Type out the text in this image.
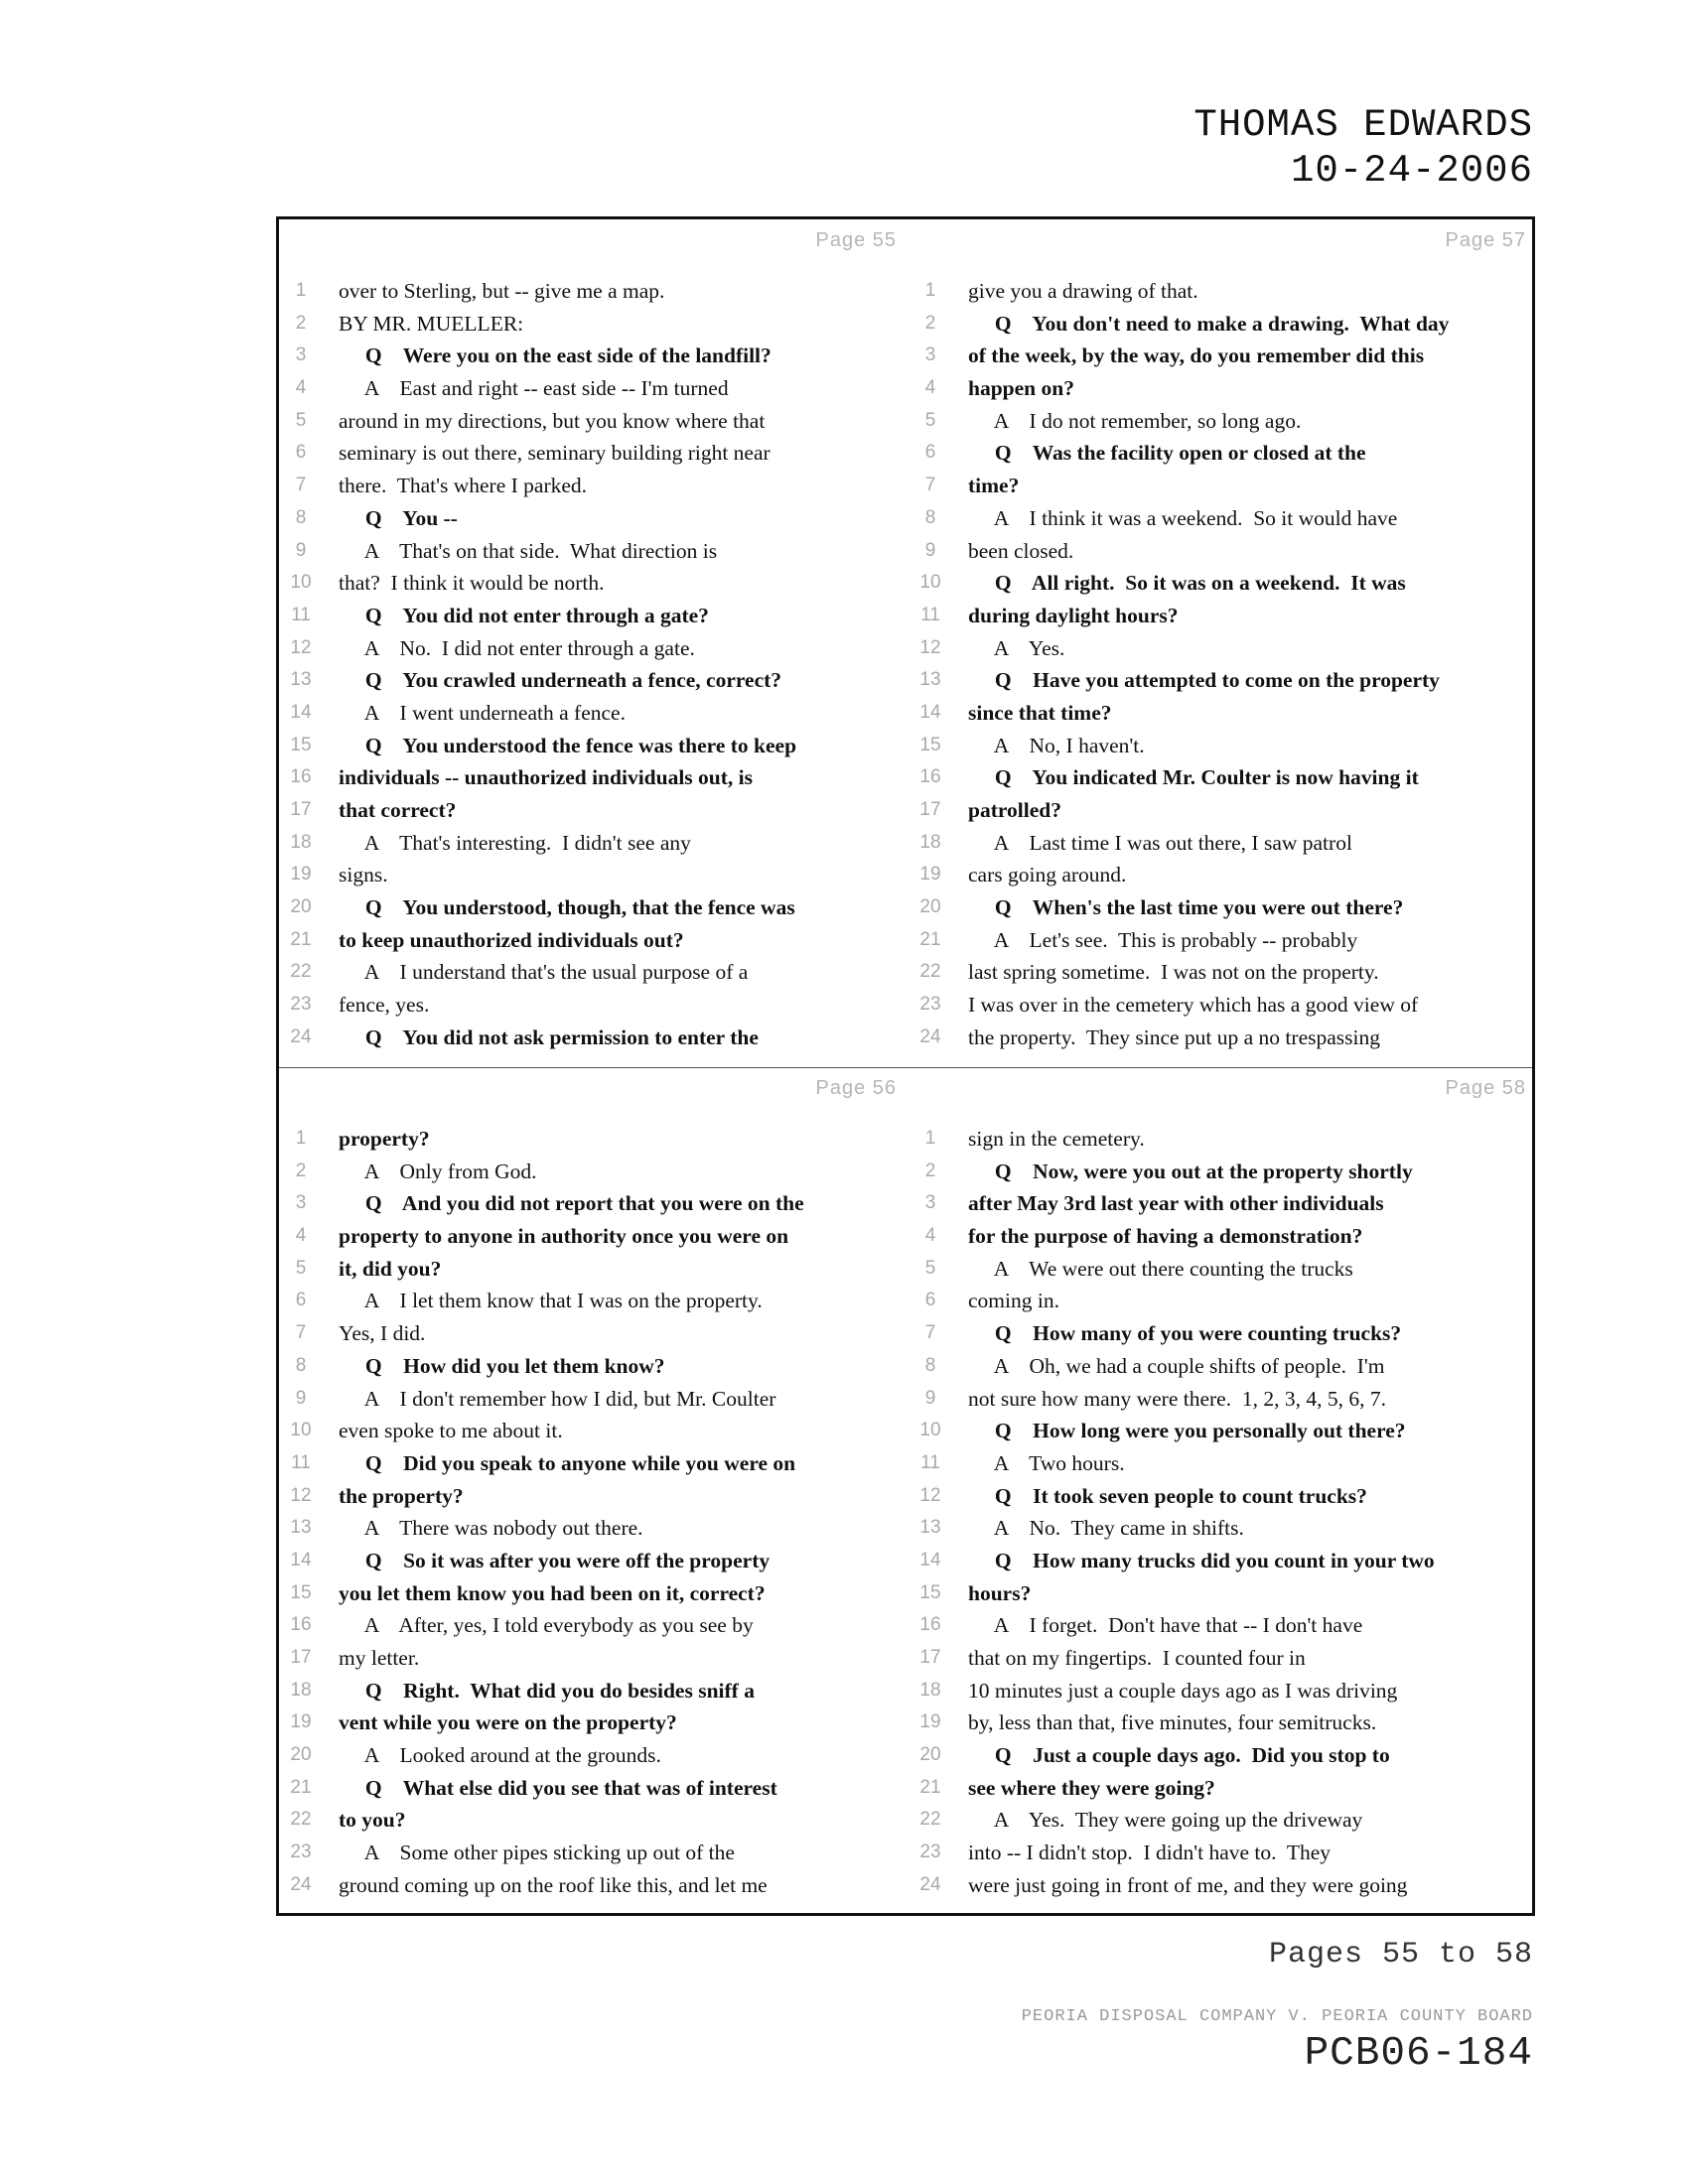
THOMAS EDWARDS
10-24-2006
Page 55
1	over to Sterling, but -- give me a map.
2	BY MR. MUELLER:
3	Q    Were you on the east side of the landfill?
4	A    East and right -- east side -- I'm turned
5	around in my directions, but you know where that
6	seminary is out there, seminary building right near
7	there.  That's where I parked.
8	Q    You --
9	A    That's on that side.  What direction is
10 that?  I think it would be north.
11 Q    You did not enter through a gate?
12 A    No.  I did not enter through a gate.
13 Q    You crawled underneath a fence, correct?
14 A    I went underneath a fence.
15 Q    You understood the fence was there to keep
16 individuals -- unauthorized individuals out, is
17 that correct?
18 A    That's interesting.  I didn't see any
19 signs.
20 Q    You understood, though, that the fence was
21 to keep unauthorized individuals out?
22 A    I understand that's the usual purpose of a
23 fence, yes.
24 Q    You did not ask permission to enter the
Page 57
1	give you a drawing of that.
2	Q    You don't need to make a drawing.  What day
3	of the week, by the way, do you remember did this
4	happen on?
5	A    I do not remember, so long ago.
6	Q    Was the facility open or closed at the
7	time?
8	A    I think it was a weekend.  So it would have
9	been closed.
10 Q    All right.  So it was on a weekend.  It was
11 during daylight hours?
12 A    Yes.
13 Q    Have you attempted to come on the property
14 since that time?
15 A    No, I haven't.
16 Q    You indicated Mr. Coulter is now having it
17 patrolled?
18 A    Last time I was out there, I saw patrol
19 cars going around.
20 Q    When's the last time you were out there?
21 A    Let's see.  This is probably -- probably
22 last spring sometime.  I was not on the property.
23 I was over in the cemetery which has a good view of
24 the property.  They since put up a no trespassing
Page 56
1	property?
2	A    Only from God.
3	Q    And you did not report that you were on the
4	property to anyone in authority once you were on
5	it, did you?
6	A    I let them know that I was on the property.
7	Yes, I did.
8	Q    How did you let them know?
9	A    I don't remember how I did, but Mr. Coulter
10 even spoke to me about it.
11 Q    Did you speak to anyone while you were on
12 the property?
13 A    There was nobody out there.
14 Q    So it was after you were off the property
15 you let them know you had been on it, correct?
16 A    After, yes, I told everybody as you see by
17 my letter.
18 Q    Right.  What did you do besides sniff a
19 vent while you were on the property?
20 A    Looked around at the grounds.
21 Q    What else did you see that was of interest
22 to you?
23 A    Some other pipes sticking up out of the
24 ground coming up on the roof like this, and let me
Page 58
1	sign in the cemetery.
2	Q    Now, were you out at the property shortly
3	after May 3rd last year with other individuals
4	for the purpose of having a demonstration?
5	A    We were out there counting the trucks
6	coming in.
7	Q    How many of you were counting trucks?
8	A    Oh, we had a couple shifts of people.  I'm
9	not sure how many were there.  1, 2, 3, 4, 5, 6, 7.
10 Q    How long were you personally out there?
11 A    Two hours.
12 Q    It took seven people to count trucks?
13 A    No.  They came in shifts.
14 Q    How many trucks did you count in your two
15 hours?
16 A    I forget.  Don't have that -- I don't have
17 that on my fingertips.  I counted four in
18 10 minutes just a couple days ago as I was driving
19 by, less than that, five minutes, four semitrucks.
20 Q    Just a couple days ago.  Did you stop to
21 see where they were going?
22 A    Yes.  They were going up the driveway
23 into -- I didn't stop.  I didn't have to.  They
24 were just going in front of me, and they were going
Pages 55 to 58
PEORIA DISPOSAL COMPANY V. PEORIA COUNTY BOARD
PCB06-184
